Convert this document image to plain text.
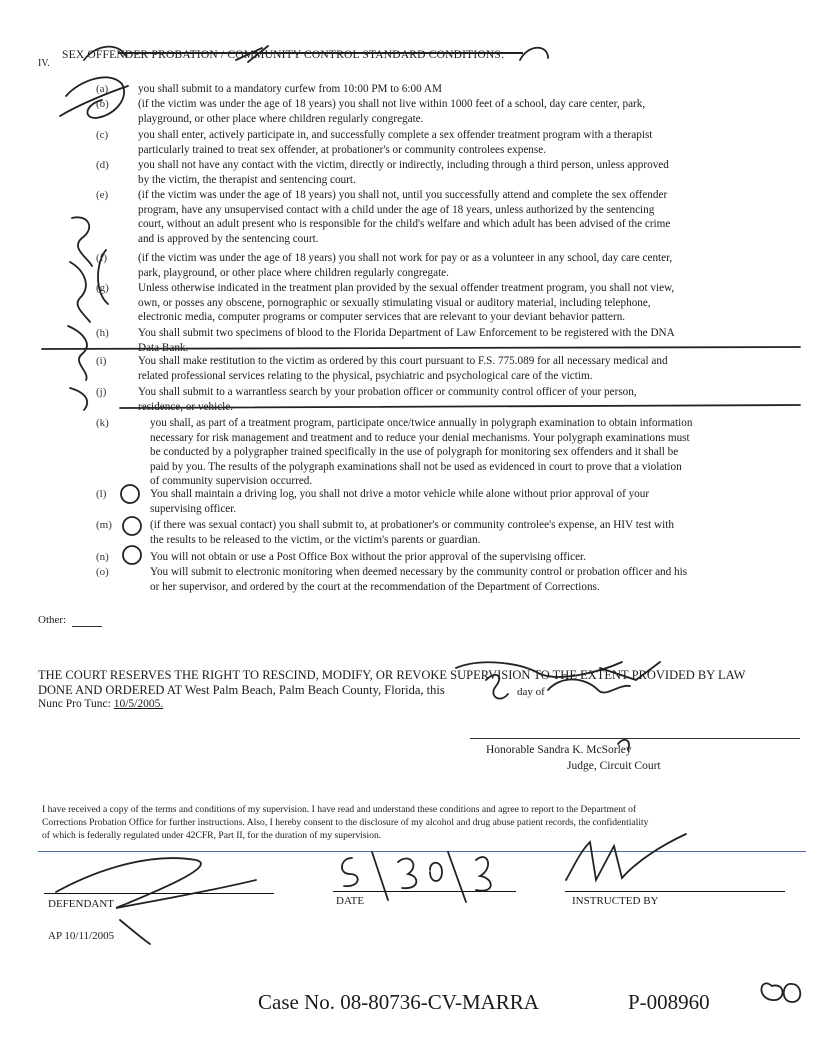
IV.
SEX OFFENDER PROBATION / COMMUNITY CONTROL STANDARD CONDITIONS:
(a)	you shall submit to a mandatory curfew from 10:00 PM to 6:00 AM
(b)	(if the victim was under the age of 18 years) you shall not live within 1000 feet of a school, day care center, park,
playground, or other place where children regularly congregate.
(c)	you shall enter, actively participate in, and successfully complete a sex offender treatment program with a therapist
particularly trained to treat sex offender, at probationer's or community controlees expense.
(d)	you shall not have any contact with the victim, directly or indirectly, including through a third person, unless approved
by the victim, the therapist and sentencing court.
(e)	(if the victim was under the age of 18 years) you shall not, until you successfully attend and complete the sex offender
program, have any unsupervised contact with a child under the age of 18 years, unless authorized by the sentencing
court, without an adult present who is responsible for the child's welfare and which adult has been advised of the crime
and is approved by the sentencing court.
(f)	(if the victim was under the age of 18 years) you shall not work for pay or as a volunteer in any school, day care center,
park, playground, or other place where children regularly congregate.
(g)	Unless otherwise indicated in the treatment plan provided by the sexual offender treatment program, you shall not view,
own, or posses any obscene, pornographic or sexually stimulating visual or auditory material, including telephone,
electronic media, computer programs or computer services that are relevant to your deviant behavior pattern.
(h)	You shall submit two specimens of blood to the Florida Department of Law Enforcement to be registered with the DNA
Data Bank.
(i)	You shall make restitution to the victim as ordered by this court pursuant to F.S. 775.089 for all necessary medical and
related professional services relating to the physical, psychiatric and psychological care of the victim.
(j)	You shall submit to a warrantless search by your probation officer or community control officer of your person,
residence, or vehicle.
(k)	you shall, as part of a treatment program, participate once/twice annually in polygraph examination to obtain information
necessary for risk management and treatment and to reduce your denial mechanisms. Your polygraph examinations must
be conducted by a polygrapher trained specifically in the use of polygraph for monitoring sex offenders and it shall be
paid by you. The results of the polygraph examinations shall not be used as evidenced in court to prove that a violation
of community supervision occurred.
(l)	You shall maintain a driving log, you shall not drive a motor vehicle while alone without prior approval of your
supervising officer.
(m)	(if there was sexual contact) you shall submit to, at probationer's or community controlee's expense, an HIV test with
the results to be released to the victim, or the victim's parents or guardian.
(n)	You will not obtain or use a Post Office Box without the prior approval of the supervising officer.
(o)	You will submit to electronic monitoring when deemed necessary by the community control or probation officer and his
or her supervisor, and ordered by the court at the recommendation of the Department of Corrections.
Other:
THE COURT RESERVES THE RIGHT TO RESCIND, MODIFY, OR REVOKE SUPERVISION TO THE EXTENT PROVIDED BY LAW
DONE AND ORDERED AT West Palm Beach, Palm Beach County, Florida, this	day of
Nunc Pro Tunc: 10/5/2005.
Honorable Sandra K. McSorley
Judge, Circuit Court
I have received a copy of the terms and conditions of my supervision. I have read and understand these conditions and agree to report to the Department of
Corrections Probation Office for further instructions. Also, I hereby consent to the disclosure of my alcohol and drug abuse patient records, the confidentiality
of which is federally regulated under 42CFR, Part II, for the duration of my supervision.
DEFENDANT	DATE	INSTRUCTED BY
AP 10/11/2005
Case No. 08-80736-CV-MARRA	P-008960
